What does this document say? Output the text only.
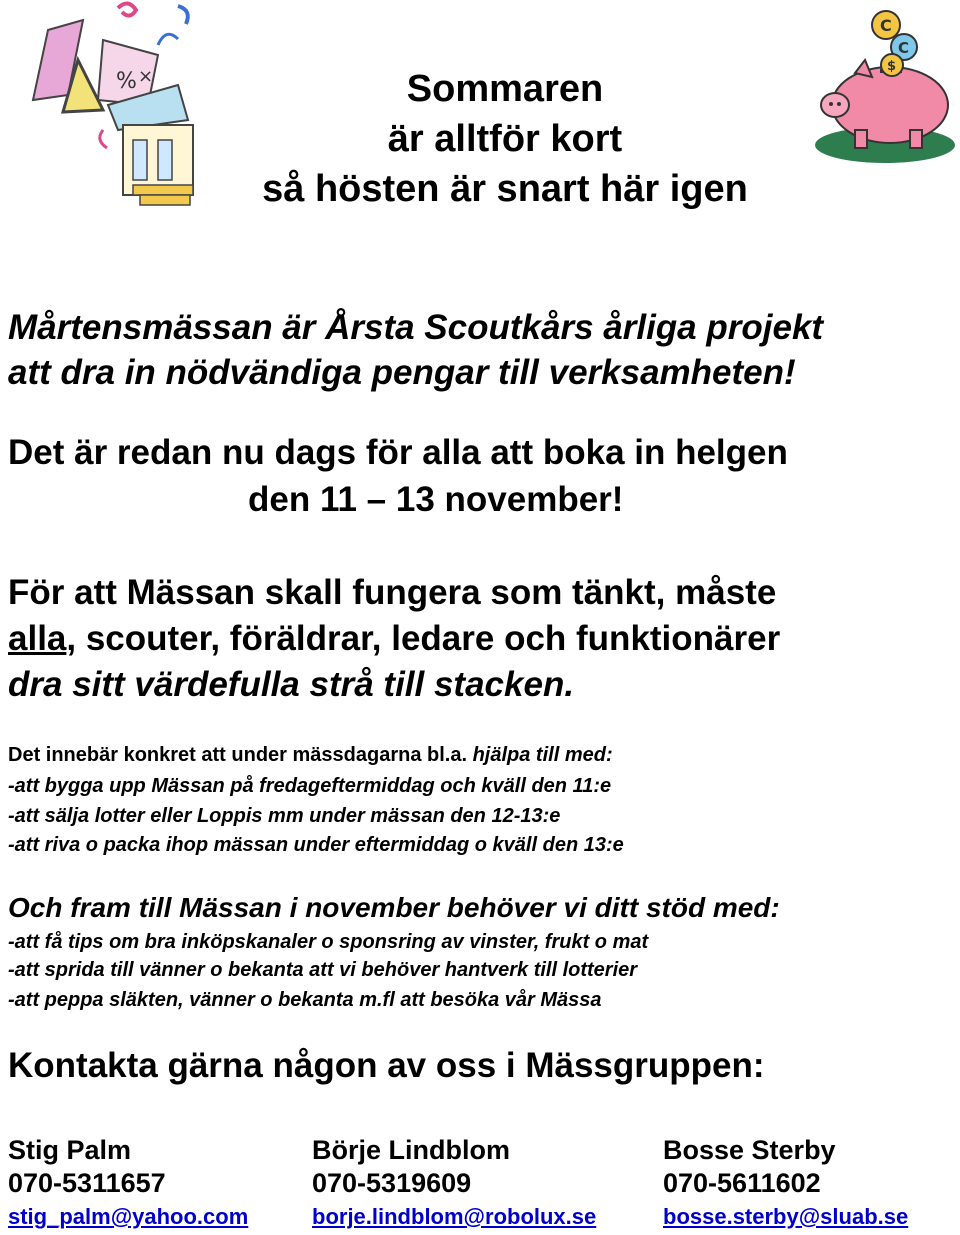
% ×
C
C
$
Sommaren
är alltför kort
så hösten är snart här igen
Mårtensmässan är Årsta Scoutkårs årliga projekt
att dra in nödvändiga pengar till verksamheten!
Det är redan nu dags för alla att boka in helgen
den 11 – 13 november!
För att Mässan skall fungera som tänkt, måste
alla, scouter, föräldrar, ledare och funktionärer
dra sitt värdefulla strå till stacken.
Det innebär konkret att under mässdagarna bl.a. hjälpa till med:
-att bygga upp Mässan på fredageftermiddag och kväll den 11:e
-att sälja lotter eller Loppis mm under mässan den 12-13:e
-att riva o packa ihop mässan under eftermiddag o kväll den 13:e
Och fram till Mässan i november behöver vi ditt stöd med:
-att få tips om bra inköpskanaler o sponsring av vinster, frukt o mat
-att sprida till vänner o bekanta att vi behöver hantverk till lotterier
-att peppa släkten, vänner o bekanta m.fl att besöka vår Mässa
Kontakta gärna någon av oss i Mässgruppen:
Stig Palm
070-5311657
stig_palm@yahoo.com
Börje Lindblom
070-5319609
borje.lindblom@robolux.se
Bosse Sterby
070-5611602
bosse.sterby@sluab.se
